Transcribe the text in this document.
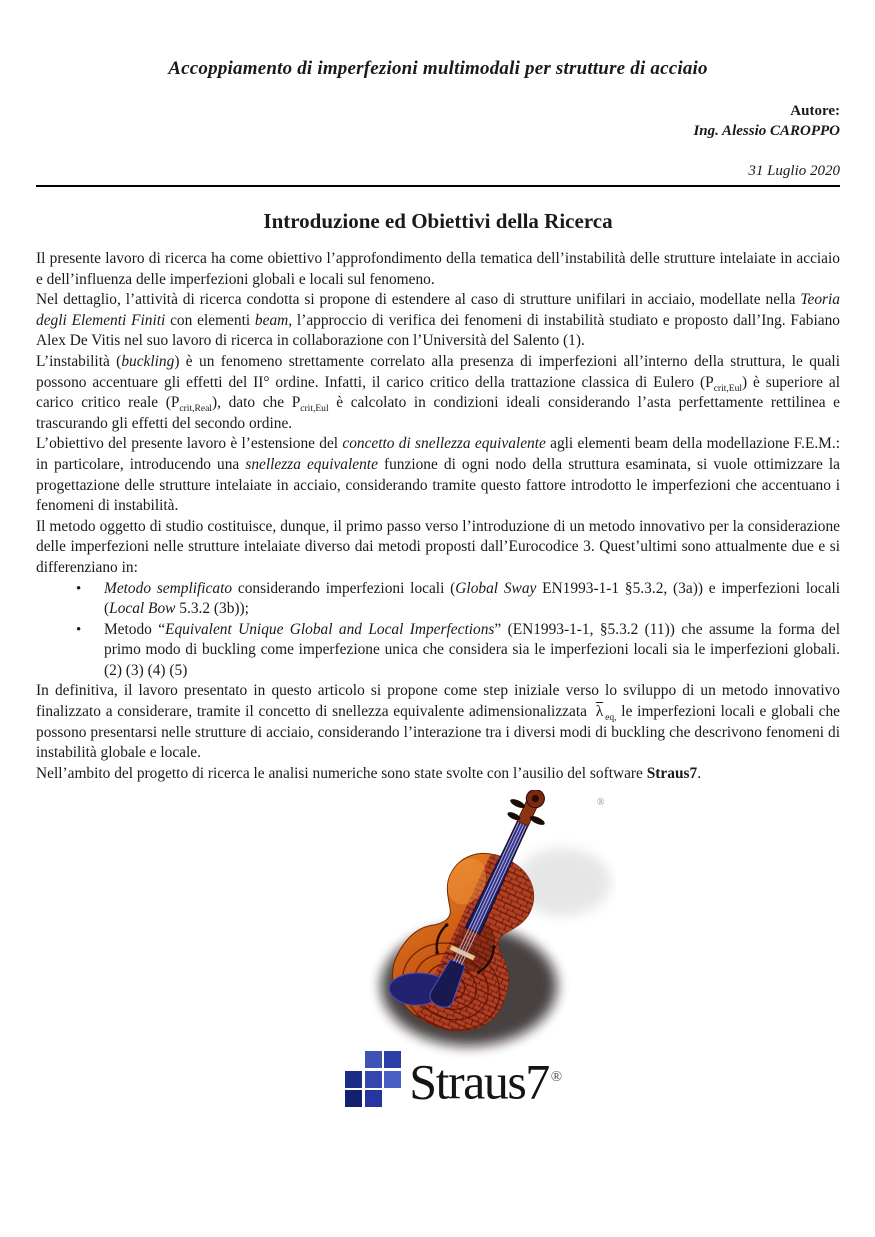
Accoppiamento di imperfezioni multimodali per strutture di acciaio
Autore:
Ing. Alessio CAROPPO
31 Luglio 2020
Introduzione ed Obiettivi della Ricerca

Il presente lavoro di ricerca ha come obiettivo l’approfondimento della tematica dell’instabilità delle strutture intelaiate in acciaio e dell’influenza delle imperfezioni globali e locali sul fenomeno.

Nel dettaglio, l’attività di ricerca condotta si propone di estendere al caso di strutture unifilari in acciaio, modellate nella Teoria degli Elementi Finiti con elementi beam, l’approccio di verifica dei fenomeni di instabilità studiato e proposto dall’Ing. Fabiano Alex De Vitis nel suo lavoro di ricerca in collaborazione con l’Università del Salento (1).

L’instabilità (buckling) è un fenomeno strettamente correlato alla presenza di imperfezioni all’interno della struttura, le quali possono accentuare gli effetti del II° ordine. Infatti, il carico critico della trattazione classica di Eulero $(P_{crit,Eul})$ è superiore al carico critico reale $(P_{crit,Real})$, dato che $P_{crit,Eul}$ è calcolato in condizioni ideali considerando l’asta perfettamente rettilinea e trascurando gli effetti del secondo ordine.

L’obiettivo del presente lavoro è l’estensione del concetto di snellezza equivalente agli elementi beam della modellazione F.E.M.: in particolare, introducendo una snellezza equivalente funzione di ogni nodo della struttura esaminata, si vuole ottimizzare la progettazione delle strutture intelaiate in acciaio, considerando tramite questo fattore introdotto le imperfezioni che accentuano i fenomeni di instabilità.

Il metodo oggetto di studio costituisce, dunque, il primo passo verso l’introduzione di un metodo innovativo per la considerazione delle imperfezioni nelle strutture intelaiate diverso dai metodi proposti dall’Eurocodice 3. Quest’ultimi sono attualmente due e si differenziano in:

• Metodo semplificato considerando imperfezioni locali (Global Sway EN1993-1-1 §5.3.2, (3a)) e imperfezioni locali (Local Bow 5.3.2 (3b));
• Metodo “Equivalent Unique Global and Local Imperfections” (EN1993-1-1, §5.3.2 (11)) che assume la forma del primo modo di buckling come imperfezione unica che considera sia le imperfezioni locali sia le imperfezioni globali. (2) (3) (4) (5)

In definitiva, il lavoro presentato in questo articolo si propone come step iniziale verso lo sviluppo di un metodo innovativo finalizzato a considerare, tramite il concetto di snellezza equivalente adimensionalizzata $\overline{\lambda}$ $_{eq,}$ le imperfezioni locali e globali che possono presentarsi nelle strutture di acciaio, considerando l’interazione tra i diversi modi di buckling che descrivono fenomeni di instabilità globale e locale.

Nell’ambito del progetto di ricerca le analisi numeriche sono state svolte con l’ausilio del software Straus7.

®
Straus7 ®
